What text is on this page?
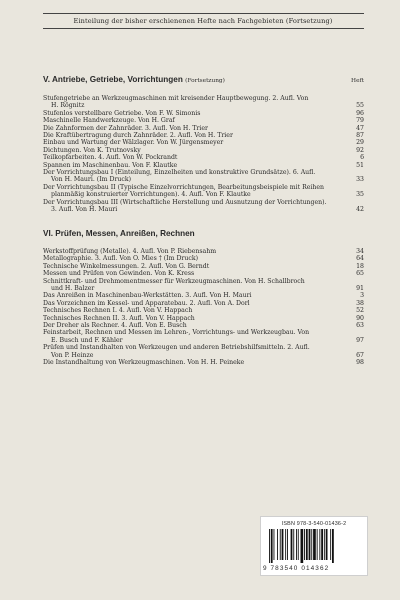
Einteilung der bisher erschienenen Hefte nach Fachgebieten (Fortsetzung)
V. Antriebe, Getriebe, Vorrichtungen (Fortsetzung)	Heft
Stufengetriebe an Werkzeugmaschinen mit kreisender Hauptbewegung. 2. Aufl. Von
H. Rögnitz	55
Stufenlos verstellbare Getriebe. Von F. W. Simonis	96
Maschinelle Handwerkzeuge. Von H. Graf	79
Die Zahnformen der Zahnräder. 3. Aufl. Von H. Trier	47
Die Kraftübertragung durch Zahnräder. 2. Aufl. Von H. Trier	87
Einbau und Wartung der Wälzlager. Von W. Jürgensmeyer	29
Dichtungen. Von K. Trutnovsky	92
Teilkopfarbeiten. 4. Aufl. Von W. Pockrandt	6
Spannen im Maschinenbau. Von F. Klautke	51
Der Vorrichtungsbau I (Einteilung, Einzelheiten und konstruktive Grundsätze). 6. Aufl.
Von H. Mauri. (Im Druck)	33
Der Vorrichtungsbau II (Typische Einzelvorrichtungen, Bearbeitungsbeispiele mit Reihen
planmäßig konstruierter Vorrichtungen). 4. Aufl. Von F. Klautke	35
Der Vorrichtungsbau III (Wirtschaftliche Herstellung und Ausnutzung der Vorrichtungen).
3. Aufl. Von H. Mauri	42
VI. Prüfen, Messen, Anreißen, Rechnen
Werkstoffprüfung (Metalle). 4. Aufl. Von P. Riebensahm	34
Metallographie. 3. Aufl. Von O. Mies † (Im Druck)	64
Technische Winkelmessungen. 2. Aufl. Von G. Berndt	18
Messen und Prüfen von Gewinden. Von K. Kress	65
Schnittkraft- und Drehmomentmesser für Werkzeugmaschinen. Von H. Schallbroch
und H. Balzer	91
Das Anreißen in Maschinenbau-Werkstätten. 3. Aufl. Von H. Mauri	3
Das Vorzeichnen im Kessel- und Apparatebau. 2. Aufl. Von A. Dorl	38
Technisches Rechnen I. 4. Aufl. Von V. Happach	52
Technisches Rechnen II. 3. Aufl. Von V. Happach	90
Der Dreher als Rechner. 4. Aufl. Von E. Busch	63
Feinstarbeit, Rechnen und Messen im Lehren-, Vorrichtungs- und Werkzeugbau. Von
E. Busch und F. Kähler	97
Prüfen und Instandhalten von Werkzeugen und anderen Betriebshilfsmitteln. 2. Aufl.
Von P. Heinze	67
Die Instandhaltung von Werkzeugmaschinen. Von H. H. Peineke	98
ISBN 978-3-540-01436-2
9 783540 014362
